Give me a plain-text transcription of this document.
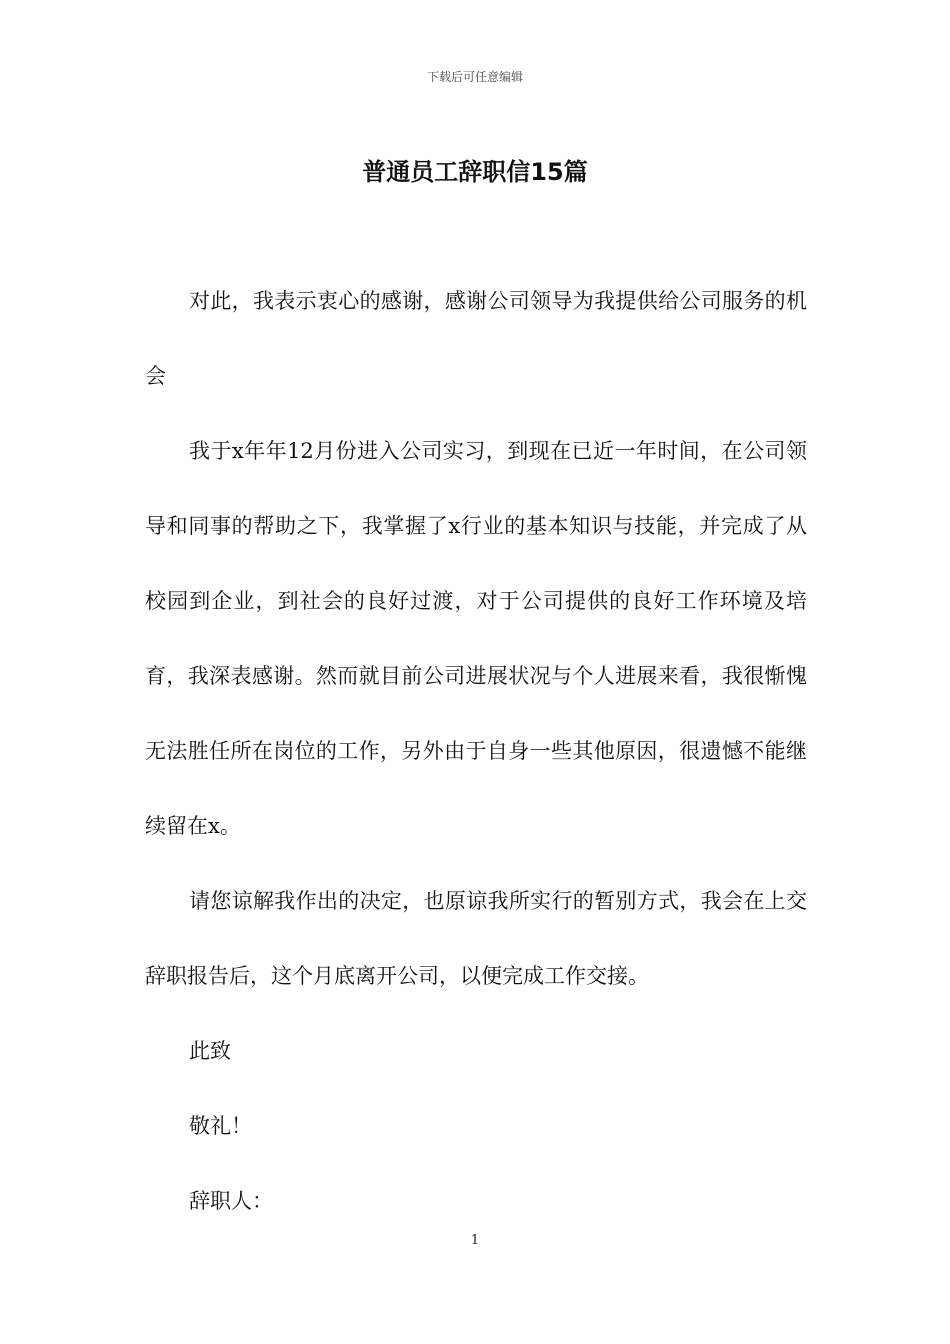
下载后可任意编辑
普通员工辞职信15篇

对此，我表示衷心的感谢，感谢公司领导为我提供给公司服务的机会

我于x年年12月份进入公司实习，到现在已近一年时间，在公司领导和同事的帮助之下，我掌握了x行业的基本知识与技能，并完成了从校园到企业，到社会的良好过渡，对于公司提供的良好工作环境及培育，我深表感谢。然而就目前公司进展状况与个人进展来看，我很惭愧无法胜任所在岗位的工作，另外由于自身一些其他原因，很遗憾不能继续留在x。

请您谅解我作出的决定，也原谅我所实行的暂别方式，我会在上交辞职报告后，这个月底离开公司，以便完成工作交接。

此致

敬礼！

辞职人：

1
